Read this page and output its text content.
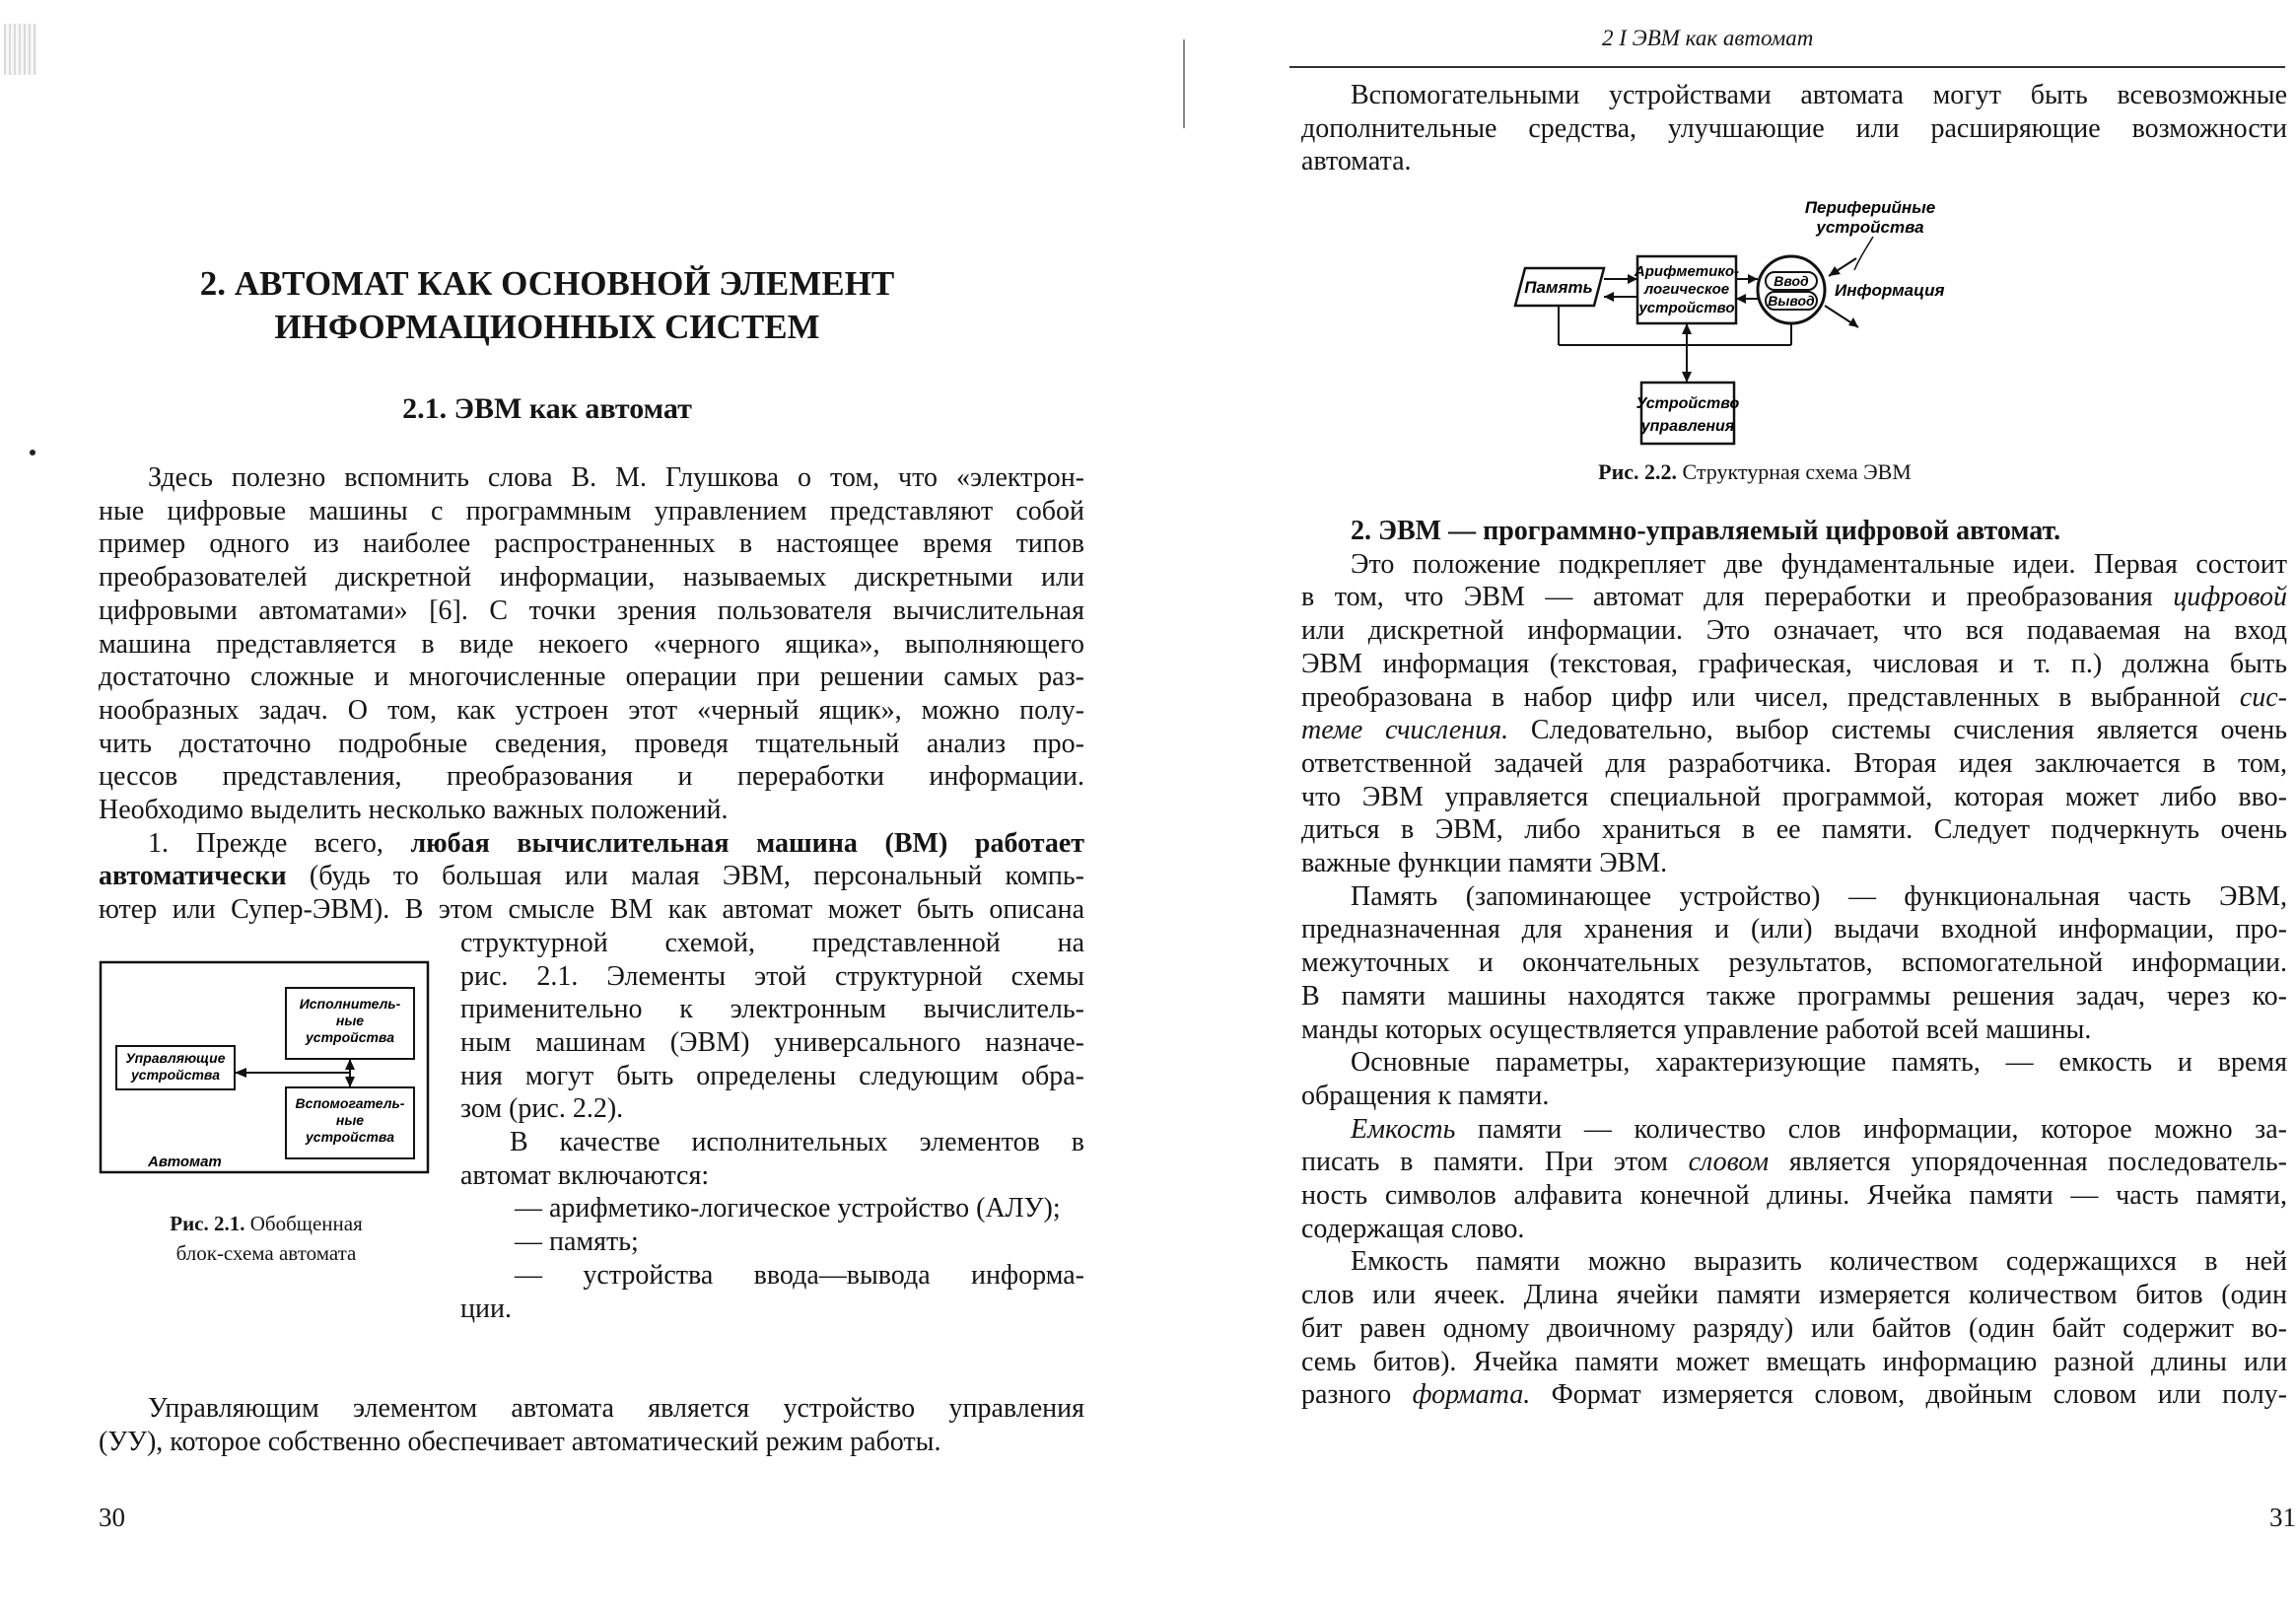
2. АВТОМАТ КАК ОСНОВНОЙ ЭЛЕМЕНТ
ИНФОРМАЦИОННЫХ СИСТЕМ
2.1. ЭВМ как автомат
Здесь полезно вспомнить слова В. М. Глушкова о том, что «электрон-
ные цифровые машины с программным управлением представляют собой
пример одного из наиболее распространенных в настоящее время типов
преобразователей дискретной информации, называемых дискретными или
цифровыми автоматами» [6]. С точки зрения пользователя вычислительная
машина представляется в виде некоего «черного ящика», выполняющего
достаточно сложные и многочисленные операции при решении самых раз-
нообразных задач. О том, как устроен этот «черный ящик», можно полу-
чить достаточно подробные сведения, проведя тщательный анализ про-
цессов представления, преобразования и переработки информации.
Необходимо выделить несколько важных положений.
1. Прежде всего, любая вычислительная машина (ВМ) работает
автоматически (будь то большая или малая ЭВМ, персональный компь-
ютер или Супер-ЭВМ). В этом смысле ВМ как автомат может быть описана
Исполнитель-
ные
устройства
Вспомогатель-
ные
устройства
Управляющие
устройства
Автомат
Рис. 2.1. Обобщенная
блок-схема автомата
структурной схемой, представленной на
рис. 2.1. Элементы этой структурной схемы
применительно к электронным вычислитель-
ным машинам (ЭВМ) универсального назначе-
ния могут быть определены следующим обра-
зом (рис. 2.2).
В качестве исполнительных элементов в
автомат включаются:
— арифметико-логическое устройство (АЛУ);
— память;
— устройства ввода—вывода информа-
ции.
Управляющим элементом автомата является устройство управления
(УУ), которое собственно обеспечивает автоматический режим работы.
30
2 І ЭВМ как автомат
Вспомогательными устройствами автомата могут быть всевозможные
дополнительные средства, улучшающие или расширяющие возможности
автомата.
Периферийные
устройства
Память
Арифметико-
логическое
устройство
Ввод
Вывод
Информация
Устройство
управления
Рис. 2.2. Структурная схема ЭВМ
2. ЭВМ — программно-управляемый цифровой автомат.
Это положение подкрепляет две фундаментальные идеи. Первая состоит
в том, что ЭВМ — автомат для переработки и преобразования цифровой
или дискретной информации. Это означает, что вся подаваемая на вход
ЭВМ информация (текстовая, графическая, числовая и т. п.) должна быть
преобразована в набор цифр или чисел, представленных в выбранной сис-
теме счисления. Следовательно, выбор системы счисления является очень
ответственной задачей для разработчика. Вторая идея заключается в том,
что ЭВМ управляется специальной программой, которая может либо вво-
диться в ЭВМ, либо храниться в ее памяти. Следует подчеркнуть очень
важные функции памяти ЭВМ.
Память (запоминающее устройство) — функциональная часть ЭВМ,
предназначенная для хранения и (или) выдачи входной информации, про-
межуточных и окончательных результатов, вспомогательной информации.
В памяти машины находятся также программы решения задач, через ко-
манды которых осуществляется управление работой всей машины.
Основные параметры, характеризующие память, — емкость и время
обращения к памяти.
Емкость памяти — количество слов информации, которое можно за-
писать в памяти. При этом словом является упорядоченная последователь-
ность символов алфавита конечной длины. Ячейка памяти — часть памяти,
содержащая слово.
Емкость памяти можно выразить количеством содержащихся в ней
слов или ячеек. Длина ячейки памяти измеряется количеством битов (один
бит равен одному двоичному разряду) или байтов (один байт содержит во-
семь битов). Ячейка памяти может вмещать информацию разной длины или
разного формата. Формат измеряется словом, двойным словом или полу-
31
